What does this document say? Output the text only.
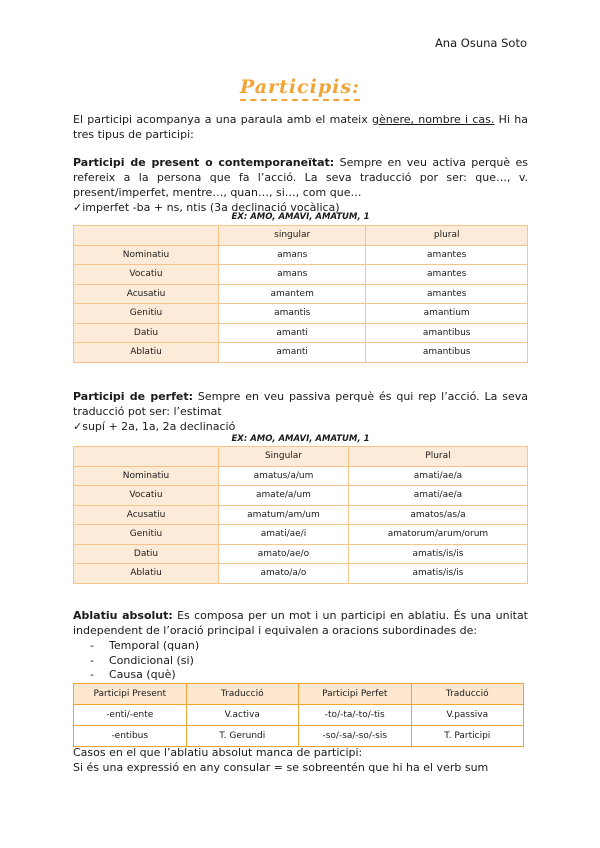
Ana Osuna Soto
Participis:
El participi acompanya a una paraula amb el mateix gènere, nombre i cas. Hi ha tres tipus de participi:
Participi de present o contemporaneïtat: Sempre en veu activa perquè es refereix a la persona que fa l’acció. La seva traducció por ser: que…, v. present/imperfet, mentre…, quan…, si…, com que…
✓imperfet -ba + ns, ntis (3a declinació vocàlica)
EX: AMO, AMAVI, AMATUM, 1
	singular	plural
Nominatiu	amans	amantes
Vocatiu	amans	amantes
Acusatiu	amantem	amantes
Genitiu	amantis	amantium
Datiu	amanti	amantibus
Ablatiu	amanti	amantibus
Participi de perfet: Sempre en veu passiva perquè és qui rep l’acció. La seva traducció pot ser: l’estimat
✓supí + 2a, 1a, 2a declinació
EX: AMO, AMAVI, AMATUM, 1
	Singular	Plural
Nominatiu	amatus/a/um	amati/ae/a
Vocatiu	amate/a/um	amati/ae/a
Acusatiu	amatum/am/um	amatos/as/a
Genitiu	amati/ae/i	amatorum/arum/orum
Datiu	amato/ae/o	amatis/is/is
Ablatiu	amato/a/o	amatis/is/is
Ablatiu absolut: Es composa per un mot i un participi en ablatiu. És una unitat independent de l’oració principal i equivalen a oracions subordinades de:
- Temporal (quan)
- Condicional (si)
- Causa (què)
Participi Present	Traducció	Participi Perfet	Traducció
-enti/-ente	V.activa	-to/-ta/-to/-tis	V.passiva
-entibus	T. Gerundi	-so/-sa/-so/-sis	T. Participi
Casos en el que l’ablatiu absolut manca de participi:
Si és una expressió en any consular = se sobreentén que hi ha el verb sum
